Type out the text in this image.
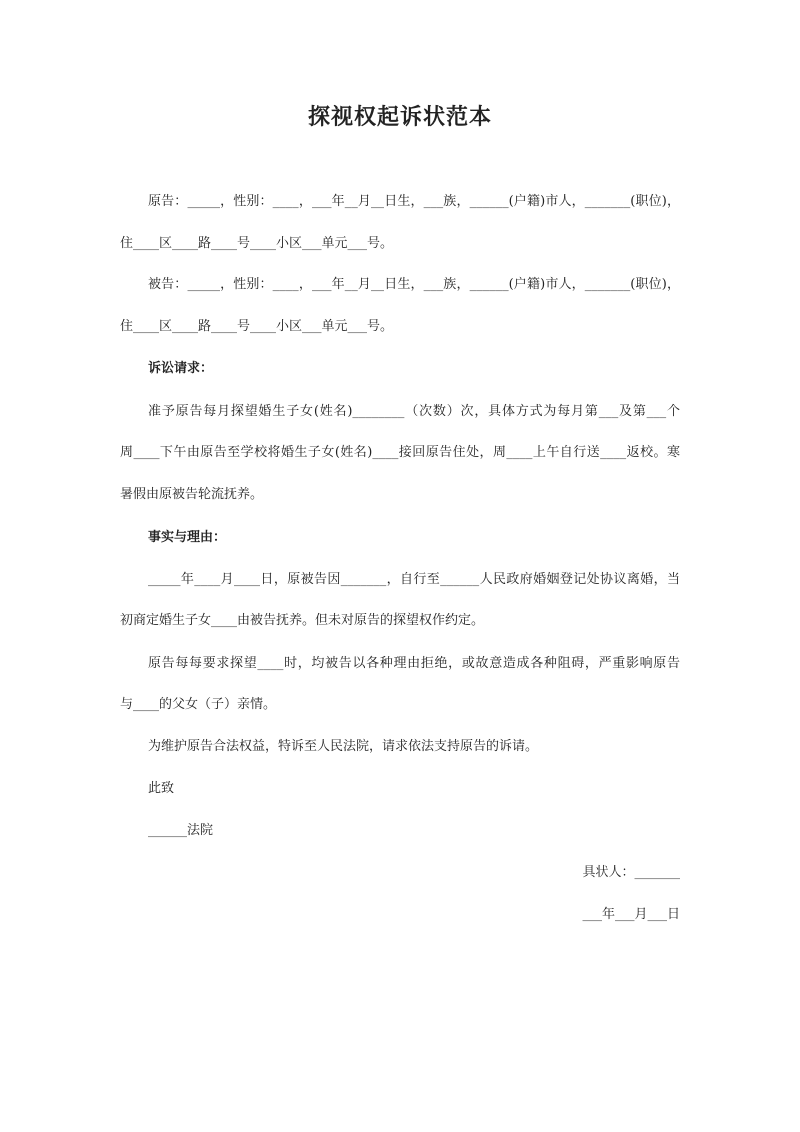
探视权起诉状范本

原告：_____，性别：____，___年__月__日生，___族，______(户籍)市人，_______(职位)，

住____区____路____号____小区___单元___号。

被告：_____，性别：____，___年__月__日生，___族，______(户籍)市人，_______(职位)，

住____区____路____号____小区___单元___号。

诉讼请求：

准予原告每月探望婚生子女(姓名)________（次数）次，具体方式为每月第___及第___个

周____下午由原告至学校将婚生子女(姓名)____接回原告住处，周____上午自行送____返校。寒

暑假由原被告轮流抚养。

事实与理由：

_____年____月____日，原被告因_______，自行至______人民政府婚姻登记处协议离婚，当

初商定婚生子女____由被告抚养。但未对原告的探望权作约定。

原告每每要求探望____时，均被告以各种理由拒绝，或故意造成各种阻碍，严重影响原告

与____的父女（子）亲情。

为维护原告合法权益，特诉至人民法院，请求依法支持原告的诉请。

此致

______法院

具状人：_______

___年___月___日
